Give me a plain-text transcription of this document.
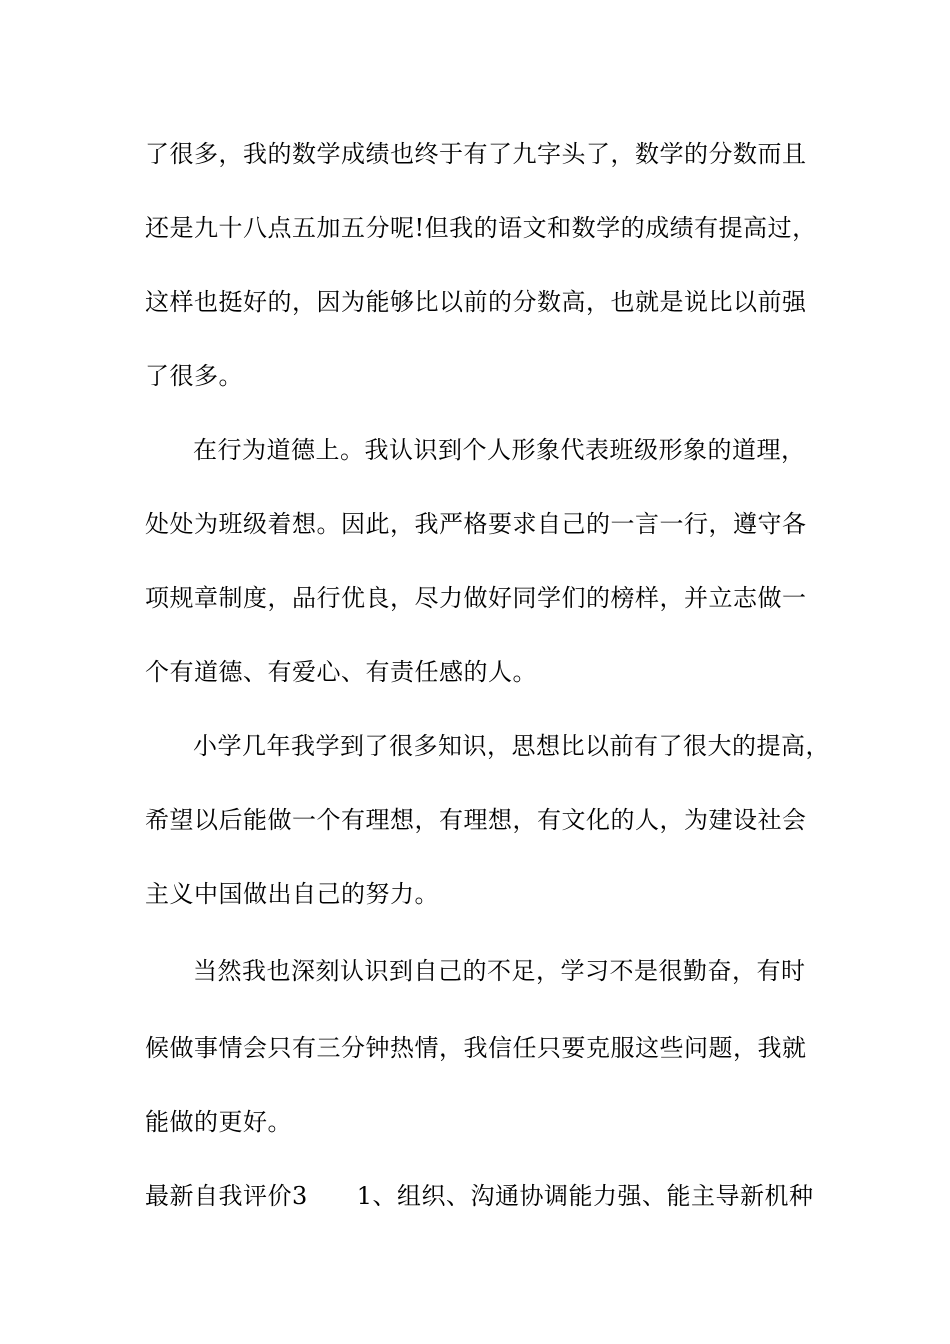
了很多，我的数学成绩也终于有了九字头了，数学的分数而且
还是九十八点五加五分呢!但我的语文和数学的成绩有提高过，
这样也挺好的，因为能够比以前的分数高，也就是说比以前强
了很多。
在行为道德上。我认识到个人形象代表班级形象的道理，
处处为班级着想。因此，我严格要求自己的一言一行，遵守各
项规章制度，品行优良，尽力做好同学们的榜样，并立志做一
个有道德、有爱心、有责任感的人。
小学几年我学到了很多知识，思想比以前有了很大的提高，
希望以后能做一个有理想，有理想，有文化的人，为建设社会
主义中国做出自己的努力。
当然我也深刻认识到自己的不足，学习不是很勤奋，有时
候做事情会只有三分钟热情，我信任只要克服这些问题，我就
能做的更好。
最新自我评价3　　1、组织、沟通协调能力强、能主导新机种
